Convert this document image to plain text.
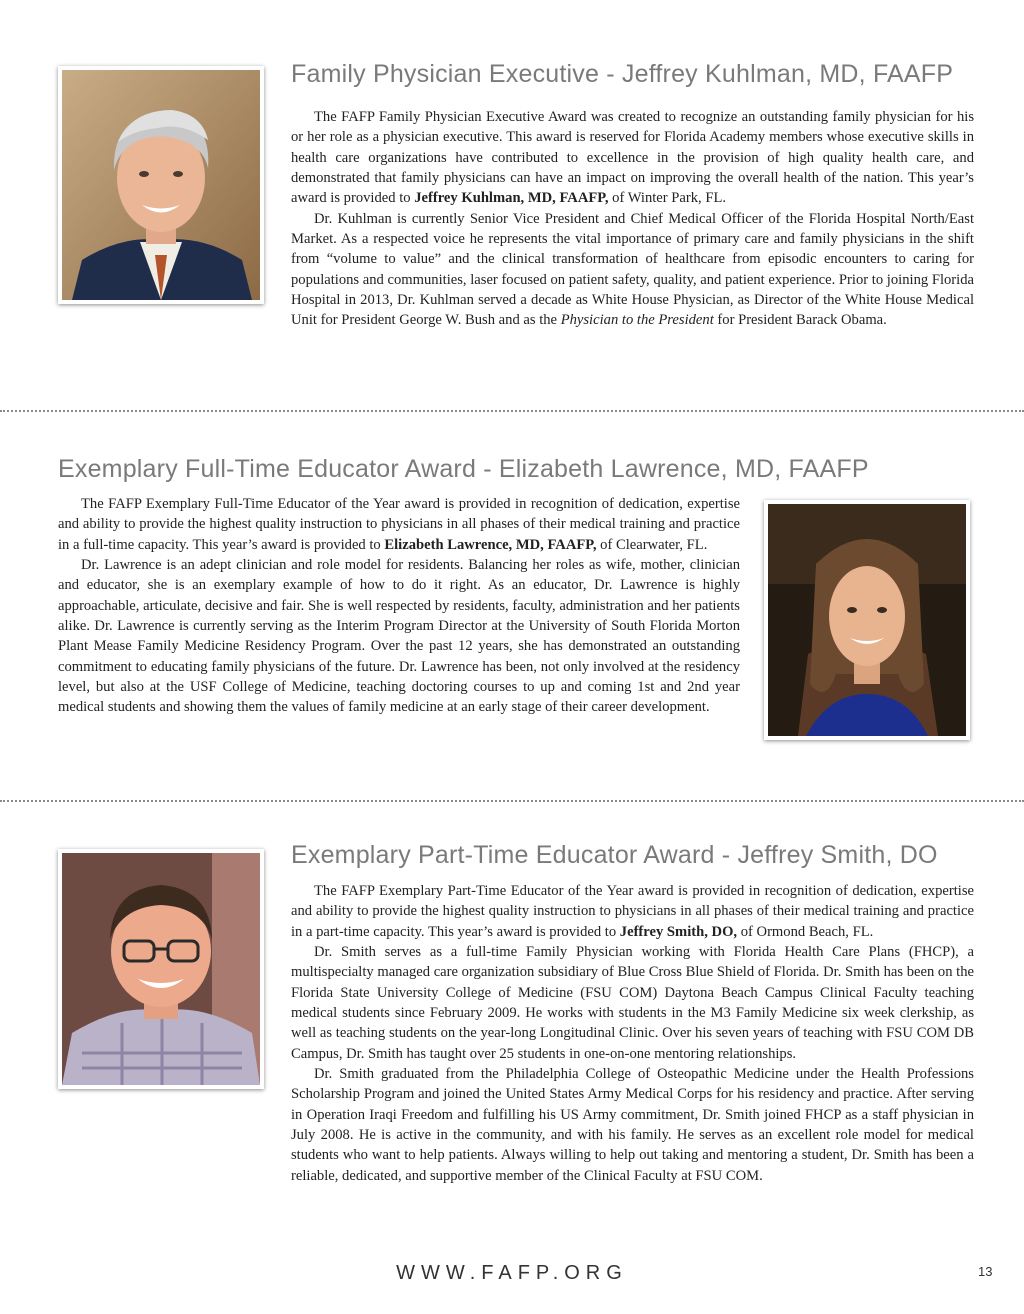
Family Physician Executive - Jeffrey Kuhlman, MD, FAAFP

The FAFP Family Physician Executive Award was created to recognize an outstanding family physician for his or her role as a physician executive. This award is reserved for Florida Academy members whose executive skills in health care organizations have contributed to excellence in the provision of high quality health care, and demonstrated that family physicians can have an impact on improving the overall health of the nation. This year’s award is provided to Jeffrey Kuhlman, MD, FAAFP, of Winter Park, FL.

Dr. Kuhlman is currently Senior Vice President and Chief Medical Officer of the Florida Hospital North/East Market. As a respected voice he represents the vital importance of primary care and family physicians in the shift from “volume to value” and the clinical transformation of healthcare from episodic encounters to caring for populations and communities, laser focused on patient safety, quality, and patient experience. Prior to joining Florida Hospital in 2013, Dr. Kuhlman served a decade as White House Physician, as Director of the White House Medical Unit for President George W. Bush and as the Physician to the President for President Barack Obama.

Exemplary Full-Time Educator Award - Elizabeth Lawrence, MD, FAAFP

The FAFP Exemplary Full-Time Educator of the Year award is provided in recognition of dedication, expertise and ability to provide the highest quality instruction to physicians in all phases of their medical training and practice in a full-time capacity. This year’s award is provided to Elizabeth Lawrence, MD, FAAFP, of Clearwater, FL.

Dr. Lawrence is an adept clinician and role model for residents. Balancing her roles as wife, mother, clinician and educator, she is an exemplary example of how to do it right. As an educator, Dr. Lawrence is highly approachable, articulate, decisive and fair. She is well respected by residents, faculty, administration and her patients alike. Dr. Lawrence is currently serving as the Interim Program Director at the University of South Florida Morton Plant Mease Family Medicine Residency Program. Over the past 12 years, she has demonstrated an outstanding commitment to educating family physicians of the future. Dr. Lawrence has been, not only involved at the residency level, but also at the USF College of Medicine, teaching doctoring courses to up and coming 1st and 2nd year medical students and showing them the values of family medicine at an early stage of their career development.

Exemplary Part-Time Educator Award - Jeffrey Smith, DO

The FAFP Exemplary Part-Time Educator of the Year award is provided in recognition of dedication, expertise and ability to provide the highest quality instruction to physicians in all phases of their medical training and practice in a part-time capacity. This year’s award is provided to Jeffrey Smith, DO, of Ormond Beach, FL.

Dr. Smith serves as a full-time Family Physician working with Florida Health Care Plans (FHCP), a multispecialty managed care organization subsidiary of Blue Cross Blue Shield of Florida. Dr. Smith has been on the Florida State University College of Medicine (FSU COM) Daytona Beach Campus Clinical Faculty teaching medical students since February 2009. He works with students in the M3 Family Medicine six week clerkship, as well as teaching students on the year-long Longitudinal Clinic. Over his seven years of teaching with FSU COM DB Campus, Dr. Smith has taught over 25 students in one-on-one mentoring relationships.

Dr. Smith graduated from the Philadelphia College of Osteopathic Medicine under the Health Professions Scholarship Program and joined the United States Army Medical Corps for his residency and practice. After serving in Operation Iraqi Freedom and fulfilling his US Army commitment, Dr. Smith joined FHCP as a staff physician in July 2008. He is active in the community, and with his family. He serves as an excellent role model for medical students who want to help patients. Always willing to help out taking and mentoring a student, Dr. Smith has been a reliable, dedicated, and supportive member of the Clinical Faculty at FSU COM.

WWW.FAFP.ORG	13
